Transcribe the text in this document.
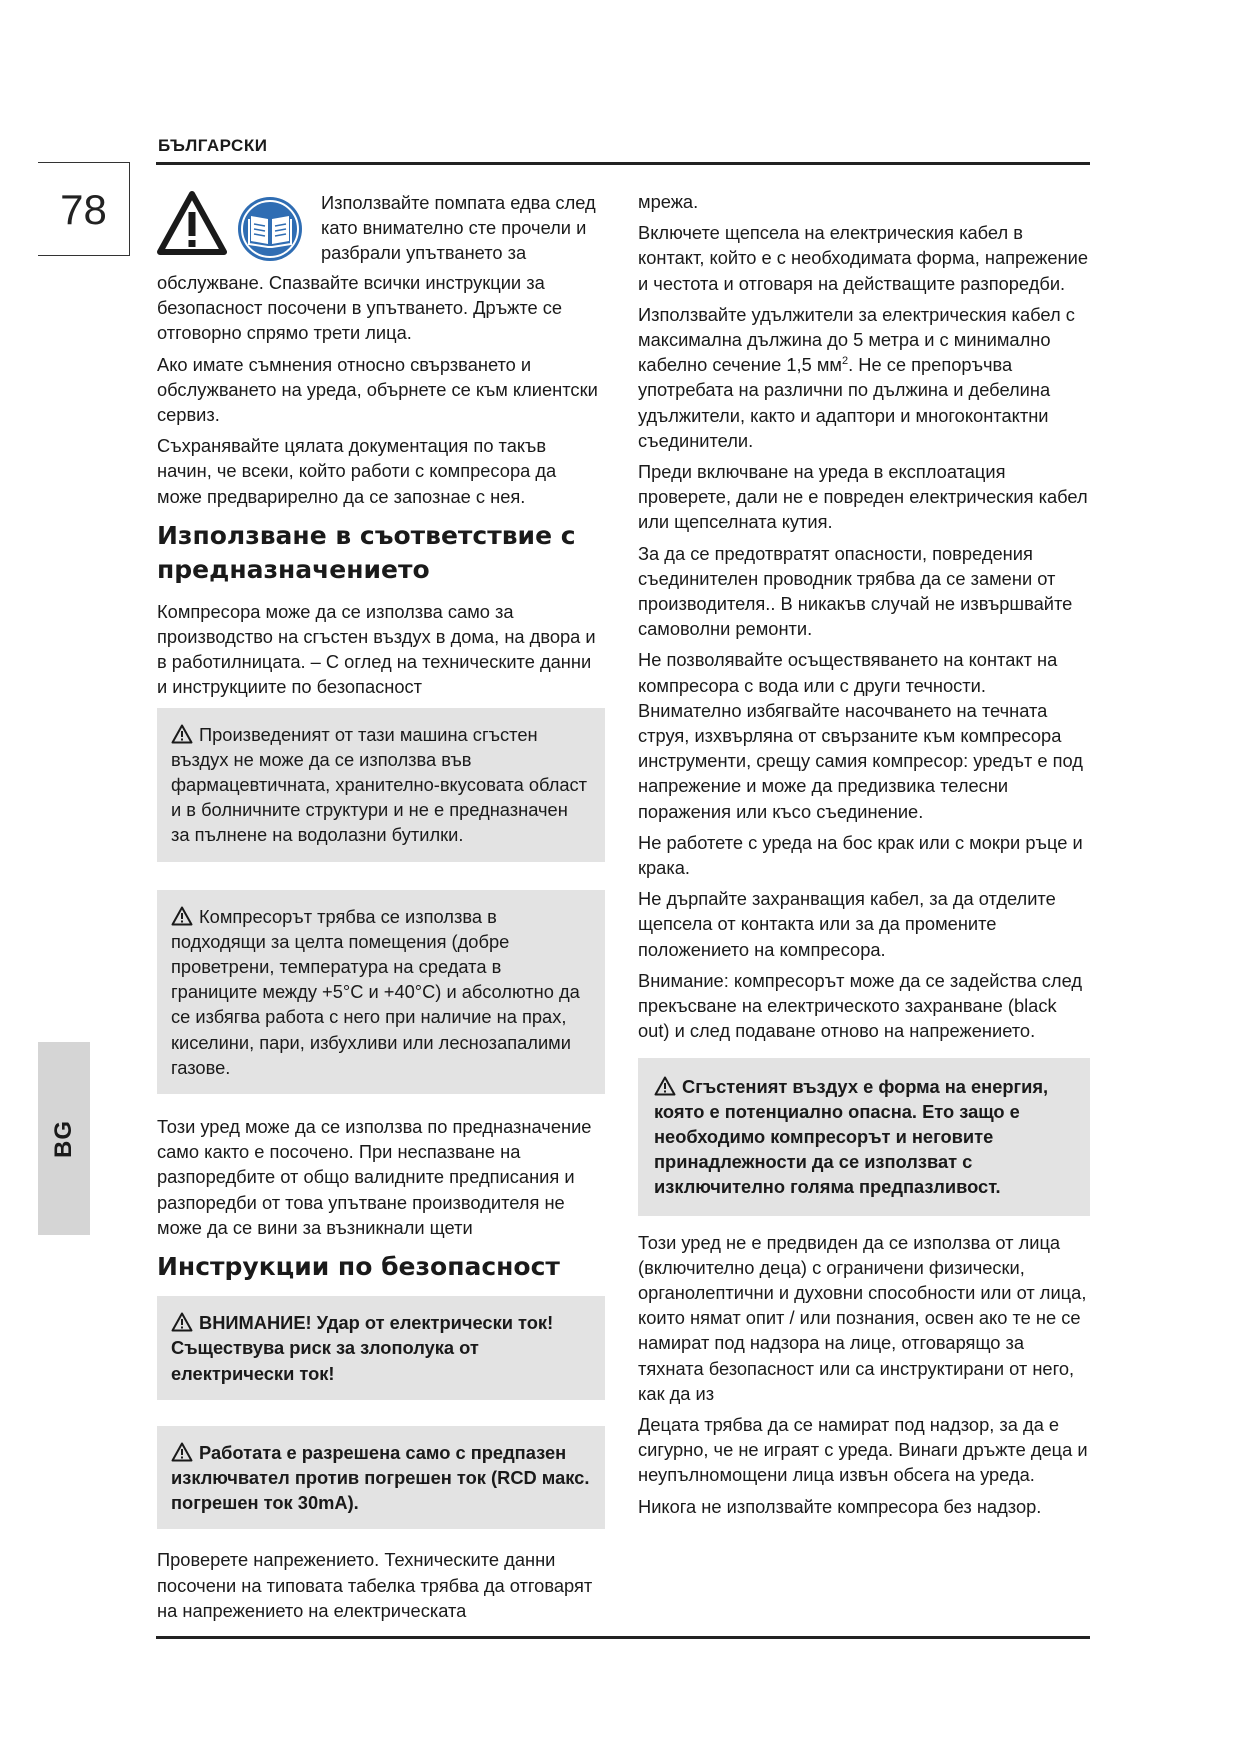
БЪЛГАРСКИ
78
BG
Използвайте помпата едва след
като внимателно сте прочели и
разбрали упътването за

обслужване. Спазвайте всички инструкции за безопасност посочени в упътването. Дръжте се отговорно спрямо трети лица.

Ако имате съмнения относно свързването и обслужването на уреда, обърнете се към клиентски сервиз.

Съхранявайте цялата документация по такъв начин, че всеки, който работи с компресора да може предварирелно да се запознае с нея.

Използване в съответствие с предназначението

Компресора може да се използва само за производство на сгъстен въздух в дома, на двора и в работилницата. – С оглед на техническите данни и инструкциите по безопасност

Произведеният от тази машина сгъстен въздух не може да се използва във фармацевтичната, хранително-вкусовата област и в болничните структури и не е предназначен за пълнене на водолазни бутилки.
Компресорът трябва се използва в подходящи за целта помещения (добре проветрени, температура на средата в границите между +5°C и +40°C) и абсолютно да се избягва работа с него при наличие на прах, киселини, пари, избухливи или леснозапалими газове.

Този уред може да се използва по предназначение само както е посочено. При неспазване на разпоредбите от общо валидните предписания и разпоредби от това упътване производителя не може да се вини за възникнали щети

Инструкции по безопасност
ВНИМАНИЕ! Удар от електрически ток! Съществува риск за злополука от електрически ток!
Работата е разрешена само с предпазен изключвател против погрешен ток (RCD макс. погрешен ток 30mA).

Проверете напрежението. Техническите данни посочени на типовата табелка трябва да отговарят на напрежението на електрическата

мрежа.

Включете щепсела на електрическия кабел в контакт, който е с необходимата форма, напрежение и честота и отговаря на действащите разпоредби.

Използвайте удължители за електрическия кабел с максимална дължина до 5 метра и с минимално кабелно сечение 1,5 $мм^2$. Не се препоръчва употребата на различни по дължина и дебелина удължители, както и адаптори и многоконтактни съединители.

Преди включване на уреда в експлоатация проверете, дали не е повреден електрическия кабел или щепселната кутия.

За да се предотвратят опасности, повредения съединителен проводник трябва да се замени от производителя.. В никакъв случай не извършвайте самоволни ремонти.

Не позволявайте осъществяването на контакт на компресора с вода или с други течности. Внимателно избягвайте насочването на течната струя, изхвърляна от свързаните към компресора инструменти, срещу самия компресор: уредът е под напрежение и може да предизвика телесни поражения или късо съединение.

Не работете с уреда на бос крак или с мокри ръце и крака.

Не дърпайте захранващия кабел, за да отделите щепсела от контакта или за да промените положението на компресора.

Внимание: компресорът може да се задейства след прекъсване на електрическото захранване (black out) и след подаване отново на напрежението.

Сгъстеният въздух е форма на енергия, която е потенциално опасна. Ето защо е необходимо компресорът и неговите принадлежности да се използват с изключително голяма предпазливост.

Този уред не е предвиден да се използва от лица (включително деца) с ограничени физически, органолептични и духовни способности или от лица, които нямат опит / или познания, освен ако те не се намират под надзора на лице, отговарящо за тяхната безопасност или са инструктирани от него, как да из

Децата трябва да се намират под надзор, за да е сигурно, че не играят с уреда. Винаги дръжте деца и неупълномощени лица извън обсега на уреда.

Никога не използвайте компресора без надзор.
